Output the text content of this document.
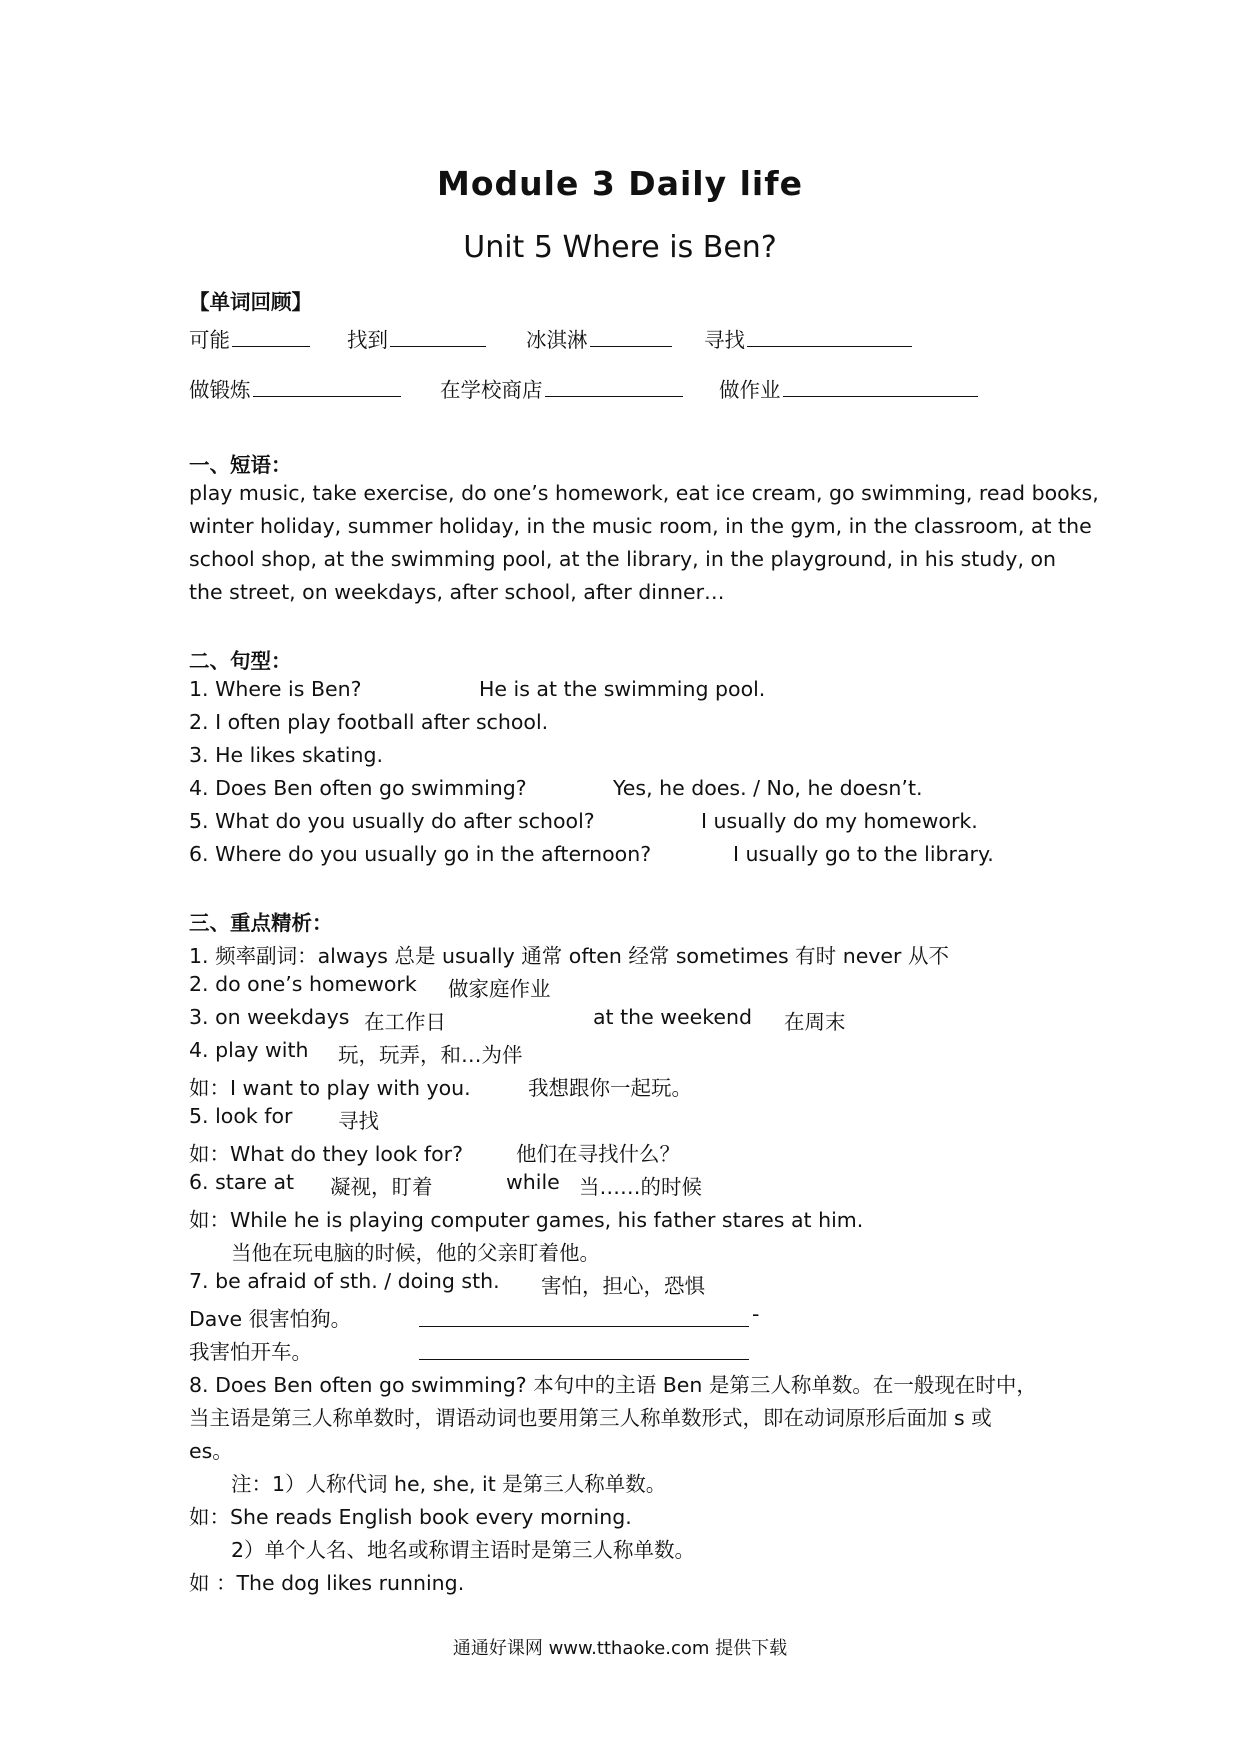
Module 3 Daily life
Unit 5 Where is Ben?
【单词回顾】
可能	找到	冰淇淋	寻找
做锻炼	在学校商店	做作业
一、短语：
play music, take exercise, do one’s homework, eat ice cream, go swimming, read books,
winter holiday, summer holiday, in the music room, in the gym, in the classroom, at the
school shop, at the swimming pool, at the library, in the playground, in his study, on
the street, on weekdays, after school, after dinner…
二、句型：
1. Where is Ben?	He is at the swimming pool.
2. I often play football after school.
3. He likes skating.
4. Does Ben often go swimming?	Yes, he does. / No, he doesn’t.
5. What do you usually do after school?	I usually do my homework.
6. Where do you usually go in the afternoon?	I usually go to the library.
三、重点精析：
1. 频率副词：always 总是 usually 通常 often 经常 sometimes 有时 never 从不
2. do one’s homework 做家庭作业
3. on weekdays 在工作日	at the weekend 在周末
4. play with 玩，玩弄，和…为伴
如：I want to play with you.	我想跟你一起玩。
5. look for 寻找
如：What do they look for?	他们在寻找什么？
6. stare at 凝视，盯着	while 当……的时候
如：While he is playing computer games, his father stares at him.
当他在玩电脑的时候，他的父亲盯着他。
7. be afraid of sth. / doing sth. 害怕，担心，恐惧
Dave 很害怕狗。	-
我害怕开车。
8. Does Ben often go swimming? 本句中的主语 Ben 是第三人称单数。在一般现在时中，
当主语是第三人称单数时，谓语动词也要用第三人称单数形式，即在动词原形后面加 s 或
es。
注：1）人称代词 he, she, it 是第三人称单数。
如：She reads English book every morning.
2）单个人名、地名或称谓主语时是第三人称单数。
如 ：The dog likes running.
通通好课网 www.tthaoke.com 提供下载
